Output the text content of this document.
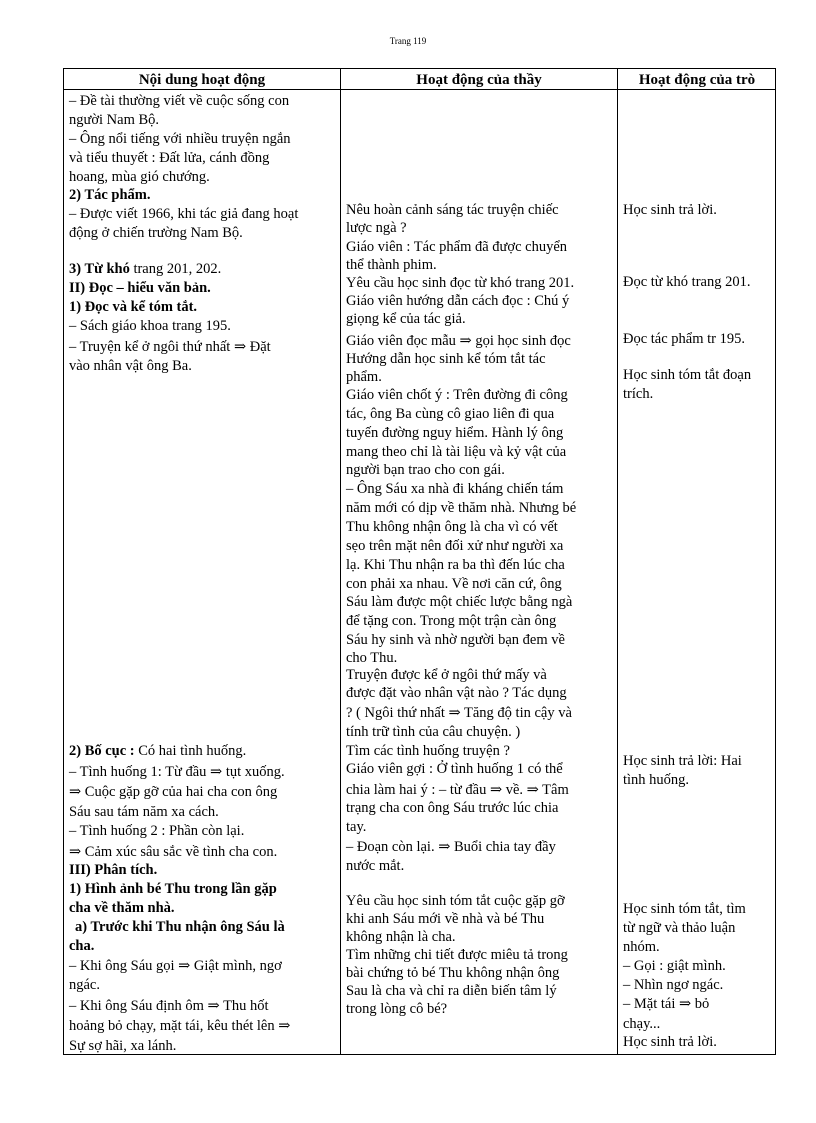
Trang 119
Nội dung hoạt động	Hoạt động của thầy	Hoạt động của trò
– Đề tài thường viết về cuộc sống con
người Nam Bộ.
– Ông nổi tiếng với nhiều truyện ngắn
và tiểu thuyết : Đất lửa, cánh đồng
hoang, mùa gió chướng.
2) Tác phẩm.
– Được viết 1966, khi tác giả đang hoạt
động ở chiến trường Nam Bộ.
3) Từ khó trang 201, 202.
II) Đọc – hiểu văn bản.
1) Đọc và kể tóm tắt.
– Sách giáo khoa trang 195.
– Truyện kể ở ngôi thứ nhất ⇒ Đặt
vào nhân vật ông Ba.
2) Bố cục : Có hai tình huống.
– Tình huống 1: Từ đầu ⇒ tụt xuống.
⇒ Cuộc gặp gỡ của hai cha con ông
Sáu sau tám năm xa cách.
– Tình huống 2 : Phần còn lại.
⇒ Cảm xúc sâu sắc về tình cha con.
III) Phân tích.
1) Hình ảnh bé Thu trong lần gặp
cha về thăm nhà.
a) Trước khi Thu nhận ông Sáu là
cha.
– Khi ông Sáu gọi ⇒ Giật mình, ngơ
ngác.
– Khi ông Sáu định ôm ⇒ Thu hốt
hoảng bỏ chạy, mặt tái, kêu thét lên ⇒
Sự sợ hãi, xa lánh.
Nêu hoàn cảnh sáng tác truyện chiếc
lược ngà ?
Giáo viên : Tác phẩm đã được chuyển
thể thành phim.
Yêu cầu học sinh đọc từ khó trang 201.
Giáo viên hướng dẫn cách đọc : Chú ý
giọng kể của tác giả.
Giáo viên đọc mẫu ⇒ gọi học sinh đọc
Hướng dẫn học sinh kể tóm tắt tác
phẩm.
Giáo viên chốt ý : Trên đường đi công
tác, ông Ba cùng cô giao liên đi qua
tuyến đường nguy hiểm. Hành lý ông
mang theo chỉ là tài liệu và kỷ vật của
người bạn trao cho con gái.
– Ông Sáu xa nhà đi kháng chiến tám
năm mới có dịp về thăm nhà. Nhưng bé
Thu không nhận ông là cha vì có vết
sẹo trên mặt nên đối xử như người xa
lạ. Khi Thu nhận ra ba thì đến lúc cha
con phải xa nhau. Về nơi căn cứ, ông
Sáu làm được một chiếc lược bằng ngà
để tặng con. Trong một trận càn ông
Sáu hy sinh và nhờ người bạn đem về
cho Thu.
Truyện được kể ở ngôi thứ mấy và
được đặt vào nhân vật nào ? Tác dụng
? ( Ngôi thứ nhất ⇒ Tăng độ tin cậy và
tính trữ tình của câu chuyện. )
Tìm các tình huống truyện ?
Giáo viên gợi : Ở tình huống 1 có thể
chia làm hai ý : – từ đầu ⇒ về. ⇒ Tâm
trạng cha con ông Sáu trước lúc chia
tay.
– Đoạn còn lại. ⇒ Buổi chia tay đầy
nước mắt.
Yêu cầu học sinh tóm tắt cuộc gặp gỡ
khi anh Sáu mới về nhà và bé Thu
không nhận là cha.
Tìm những chi tiết được miêu tả trong
bài chứng tỏ bé Thu không nhận ông
Sau là cha và chỉ ra diễn biến tâm lý
trong lòng cô bé?
Học sinh trả lời.
Đọc từ khó trang 201.
Đọc tác phẩm tr 195.
Học sinh tóm tắt đoạn
trích.
Học sinh trả lời: Hai
tình huống.
Học sinh tóm tắt, tìm
từ ngữ và thảo luận
nhóm.
– Gọi : giật mình.
– Nhìn ngơ ngác.
– Mặt tái ⇒ bỏ
chạy...
Học sinh trả lời.
